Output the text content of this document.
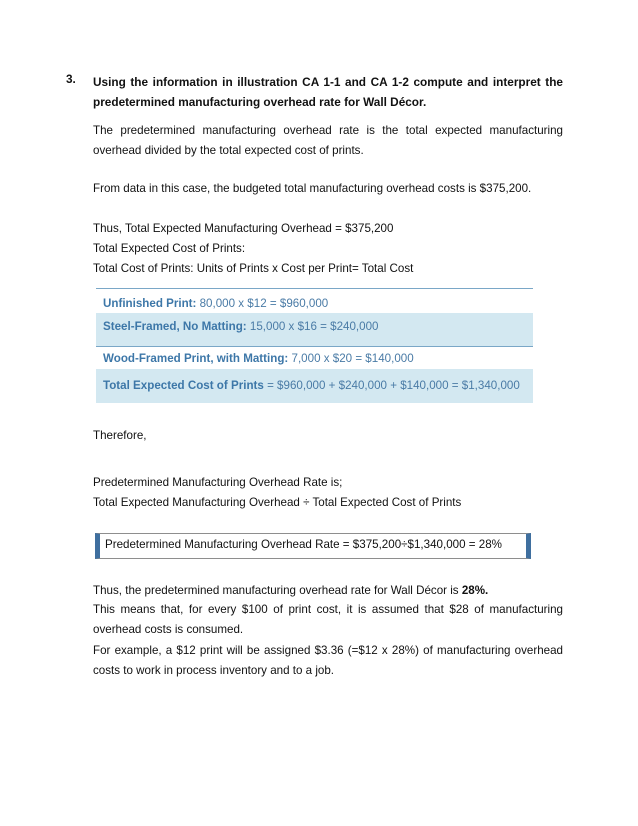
3. Using the information in illustration CA 1-1 and CA 1-2 compute and interpret the predetermined manufacturing overhead rate for Wall Décor.

The predetermined manufacturing overhead rate is the total expected manufacturing overhead divided by the total expected cost of prints.

From data in this case, the budgeted total manufacturing overhead costs is $375,200.
Thus, Total Expected Manufacturing Overhead = $375,200
Total Expected Cost of Prints:
Total Cost of Prints: Units of Prints x Cost per Print= Total Cost
Unfinished Print: 80,000 x $12 = $960,000
Steel-Framed, No Matting: 15,000 x $16 = $240,000
Wood-Framed Print, with Matting: 7,000 x $20 = $140,000
Total Expected Cost of Prints = $960,000 + $240,000 + $140,000 = $1,340,000
Therefore,
Predetermined Manufacturing Overhead Rate is;
Total Expected Manufacturing Overhead ÷ Total Expected Cost of Prints
Predetermined Manufacturing Overhead Rate = $375,200÷$1,340,000 = 28%
Thus, the predetermined manufacturing overhead rate for Wall Décor is 28%.

This means that, for every $100 of print cost, it is assumed that $28 of manufacturing overhead costs is consumed.

For example, a $12 print will be assigned $3.36 (=$12 x 28%) of manufacturing overhead costs to work in process inventory and to a job.
